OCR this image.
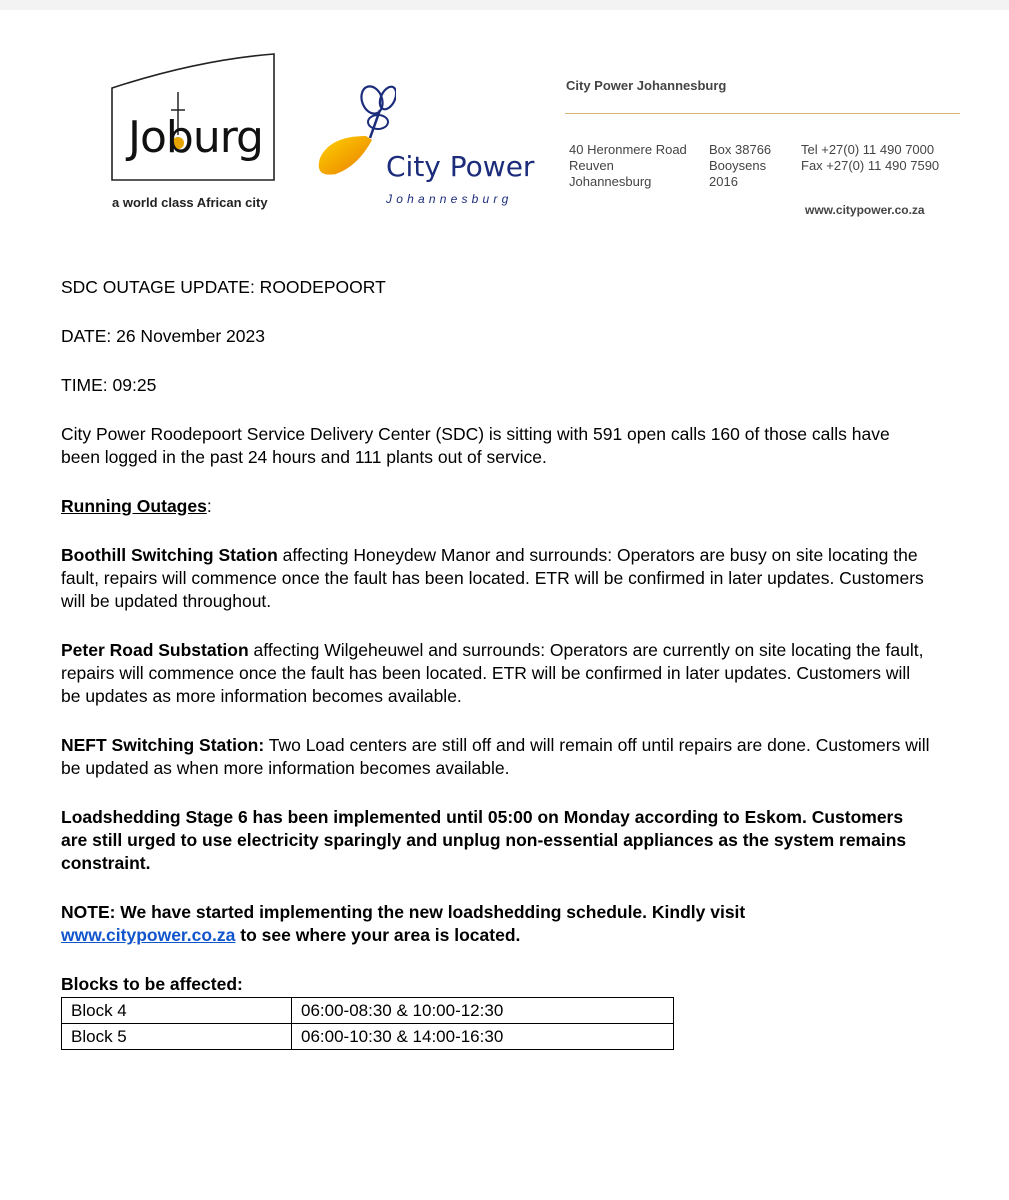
Joburg
a world class African city
City Power
Johannesburg
City Power Johannesburg
40 Heronmere Road
Reuven
Johannesburg
Box 38766
Booysens
2016
Tel +27(0) 11 490 7000
Fax +27(0) 11 490 7590
www.citypower.co.za

SDC OUTAGE UPDATE: ROODEPOORT

DATE: 26 November 2023

TIME: 09:25

City Power Roodepoort Service Delivery Center (SDC) is sitting with 591 open calls 160 of those calls have been logged in the past 24 hours and 111 plants out of service.

Running Outages:

Boothill Switching Station affecting Honeydew Manor and surrounds: Operators are busy on site locating the fault, repairs will commence once the fault has been located. ETR will be confirmed in later updates. Customers will be updated throughout.

Peter Road Substation affecting Wilgeheuwel and surrounds: Operators are currently on site locating the fault, repairs will commence once the fault has been located. ETR will be confirmed in later updates. Customers will be updates as more information becomes available.

NEFT Switching Station: Two Load centers are still off and will remain off until repairs are done. Customers will be updated as when more information becomes available.

Loadshedding Stage 6 has been implemented until 05:00 on Monday according to Eskom. Customers are still urged to use electricity sparingly and unplug non-essential appliances as the system remains constraint.

NOTE: We have started implementing the new loadshedding schedule. Kindly visit
www.citypower.co.za to see where your area is located.

Blocks to be affected:

Block 4	06:00-08:30 & 10:00-12:30
Block 5	06:00-10:30 & 14:00-16:30
